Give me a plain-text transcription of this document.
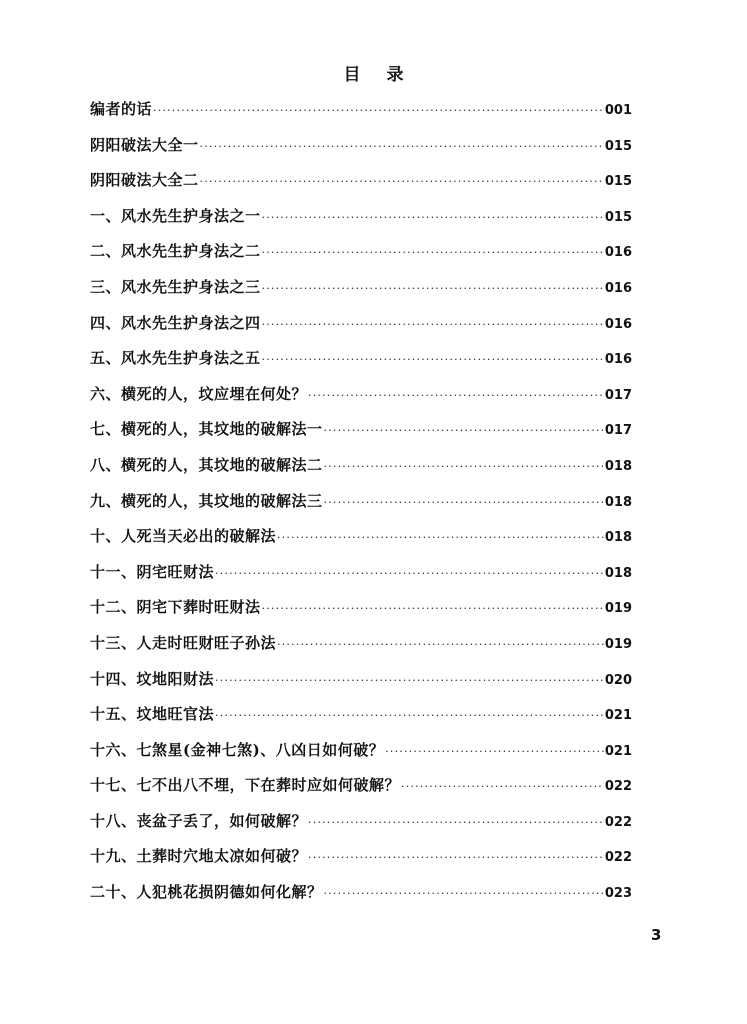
目 录
编者的话 ·····	001
阴阳破法大全一 ·····	015
阴阳破法大全二 ·····	015
一、风水先生护身法之一 ·····	015
二、风水先生护身法之二 ·····	016
三、风水先生护身法之三 ·····	016
四、风水先生护身法之四 ·····	016
五、风水先生护身法之五 ·····	016
六、横死的人，坟应埋在何处？ ·····	017
七、横死的人，其坟地的破解法一 ·····	017
八、横死的人，其坟地的破解法二 ·····	018
九、横死的人，其坟地的破解法三 ·····	018
十、人死当天必出的破解法 ·····	018
十一、阴宅旺财法 ·····	018
十二、阴宅下葬时旺财法 ·····	019
十三、人走时旺财旺子孙法 ·····	019
十四、坟地阳财法 ·····	020
十五、坟地旺官法 ·····	021
十六、七煞星(金神七煞)、八凶日如何破？ ·····	021
十七、七不出八不埋，下在葬时应如何破解？ ·····	022
十八、丧盆子丢了，如何破解？ ·····	022
十九、土葬时穴地太凉如何破？ ·····	022
二十、人犯桃花损阴德如何化解？ ·····	023
3
